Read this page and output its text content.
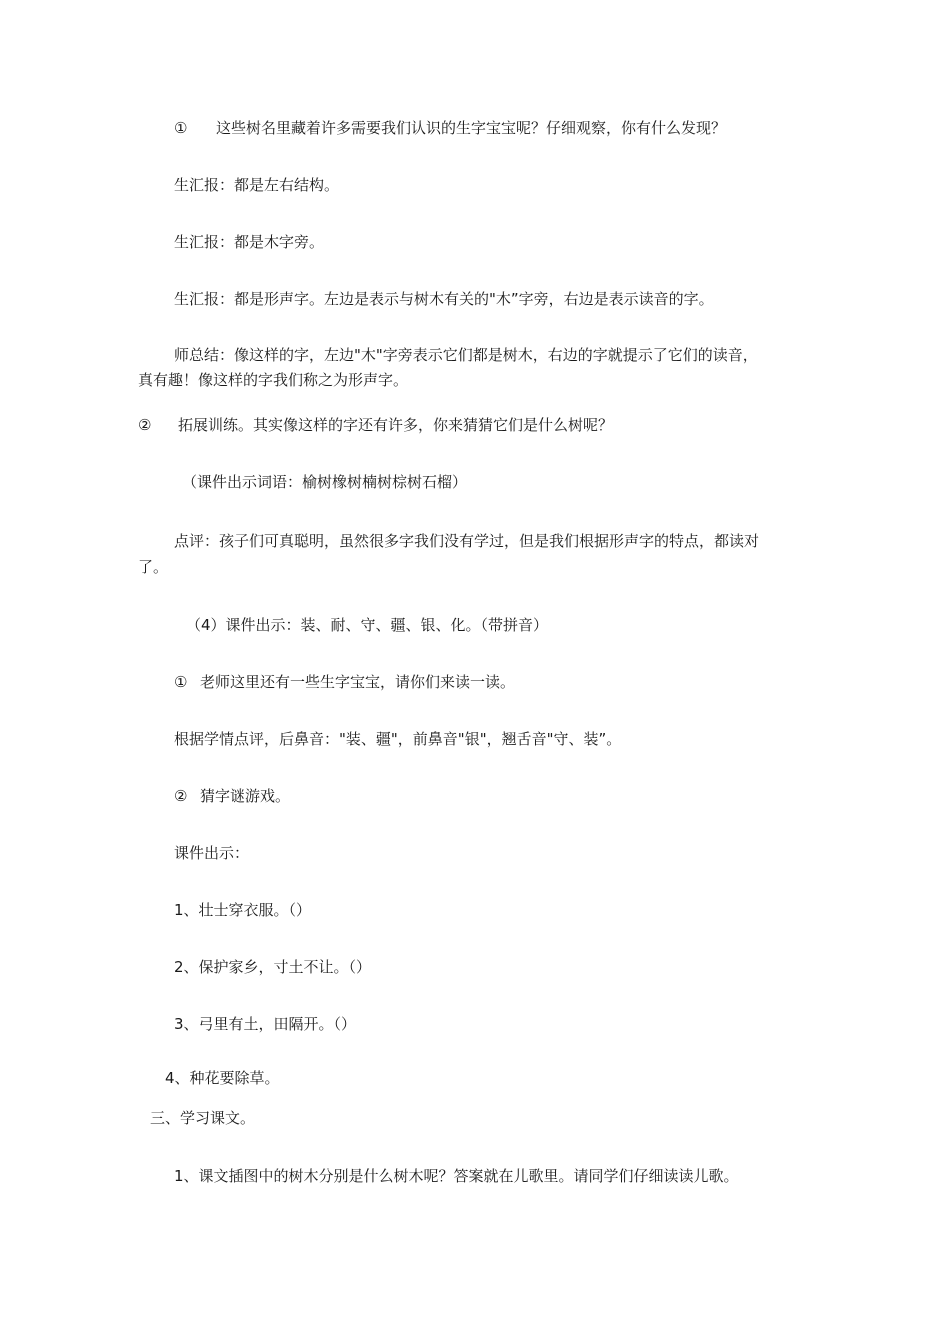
① 这些树名里藏着许多需要我们认识的生字宝宝呢？仔细观察，你有什么发现？
生汇报：都是左右结构。
生汇报：都是木字旁。
生汇报：都是形声字。左边是表示与树木有关的"木”字旁，右边是表示读音的字。
师总结：像这样的字，左边"木"字旁表示它们都是树木，右边的字就提示了它们的读音，
真有趣！像这样的字我们称之为形声字。
② 拓展训练。其实像这样的字还有许多，你来猜猜它们是什么树呢？
（课件出示词语：榆树橡树楠树棕树石榴）
点评：孩子们可真聪明，虽然很多字我们没有学过，但是我们根据形声字的特点，都读对
了。
（4）课件出示：装、耐、守、疆、银、化。（带拼音）
① 老师这里还有一些生字宝宝，请你们来读一读。
根据学情点评，后鼻音："装、疆"，前鼻音"银"，翘舌音"守、装”。
② 猜字谜游戏。
课件出示：
1、壮士穿衣服。（）
2、保护家乡，寸土不让。（）
3、弓里有土，田隔开。（）
4、种花要除草。
三、学习课文。
1、课文插图中的树木分别是什么树木呢？答案就在儿歌里。请同学们仔细读读儿歌。
